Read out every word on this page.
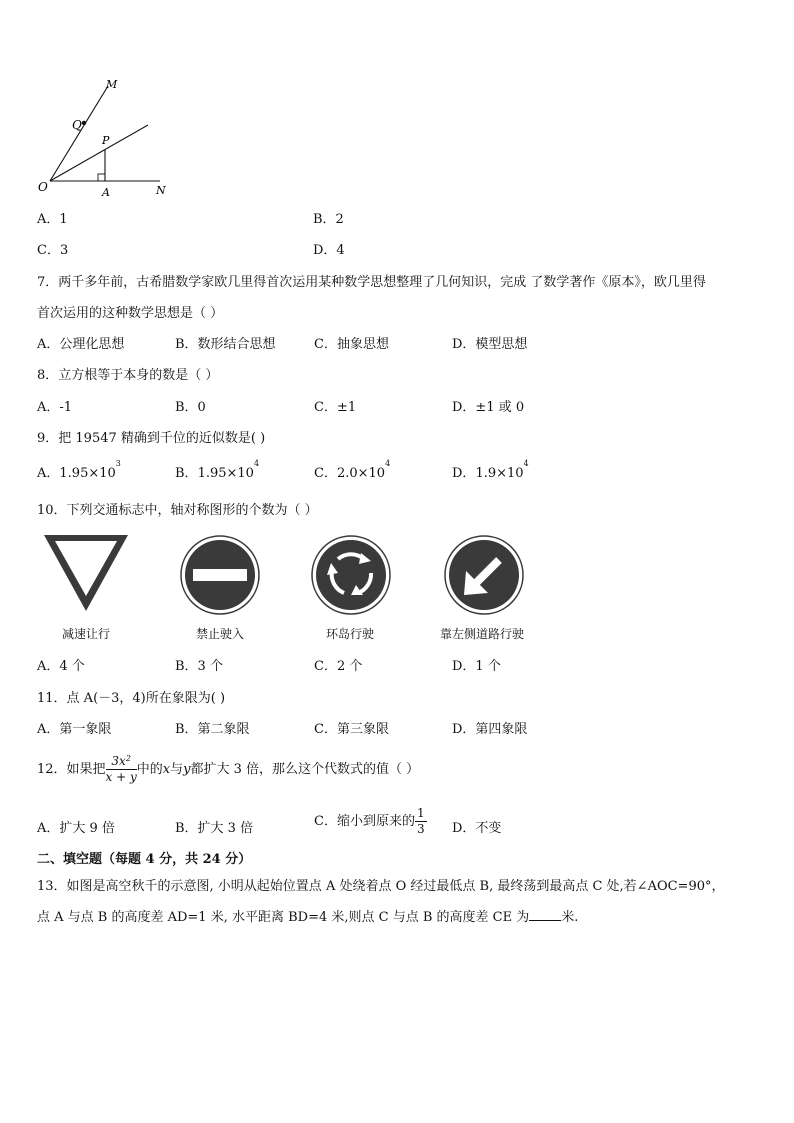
M
Q
P
O	A	N
A．1	B．2
C．3	D．4
7．两千多年前，古希腊数学家欧几里得首次运用某种数学思想整理了几何知识，完成 了数学著作《原本》，欧几里得
首次运用的这种数学思想是（ ）
A．公理化思想	B．数形结合思想	C．抽象思想	D．模型思想
8．立方根等于本身的数是（ ）
A．-1	B．0	C．±1	D．±1 或 0
9．把 19547 精确到千位的近似数是( )
A．$1.95\times 10^3$
B．$1.95\times 10^4$
C．$2.0\times 10^4$
D．$1.9\times 10^4$
10．下列交通标志中，轴对称图形的个数为（ ）
减速让行	禁止驶入	环岛行驶	靠左侧道路行驶
A．4 个	B．3 个	C．2 个	D．1 个
11．点 A(－3，4)所在象限为( )
A．第一象限	B．第二象限	C．第三象限	D．第四象限
12．如果把 $\frac{3x^2}{x + y}$ 中的x与y都扩大 3 倍，那么这个代数式的值（ ）
A．扩大 9 倍	B．扩大 3 倍	C．缩小到原来的 $\frac{1}{3}$ D．不变
二、填空题（每题 4 分，共 24 分）
13．如图是高空秋千的示意图, 小明从起始位置点 A 处绕着点 O 经过最低点 B, 最终荡到最高点 C 处,若∠AOC=90°，
点 A 与点 B 的高度差 AD=1 米, 水平距离 BD=4 米,则点 C 与点 B 的高度差 CE 为 米.
